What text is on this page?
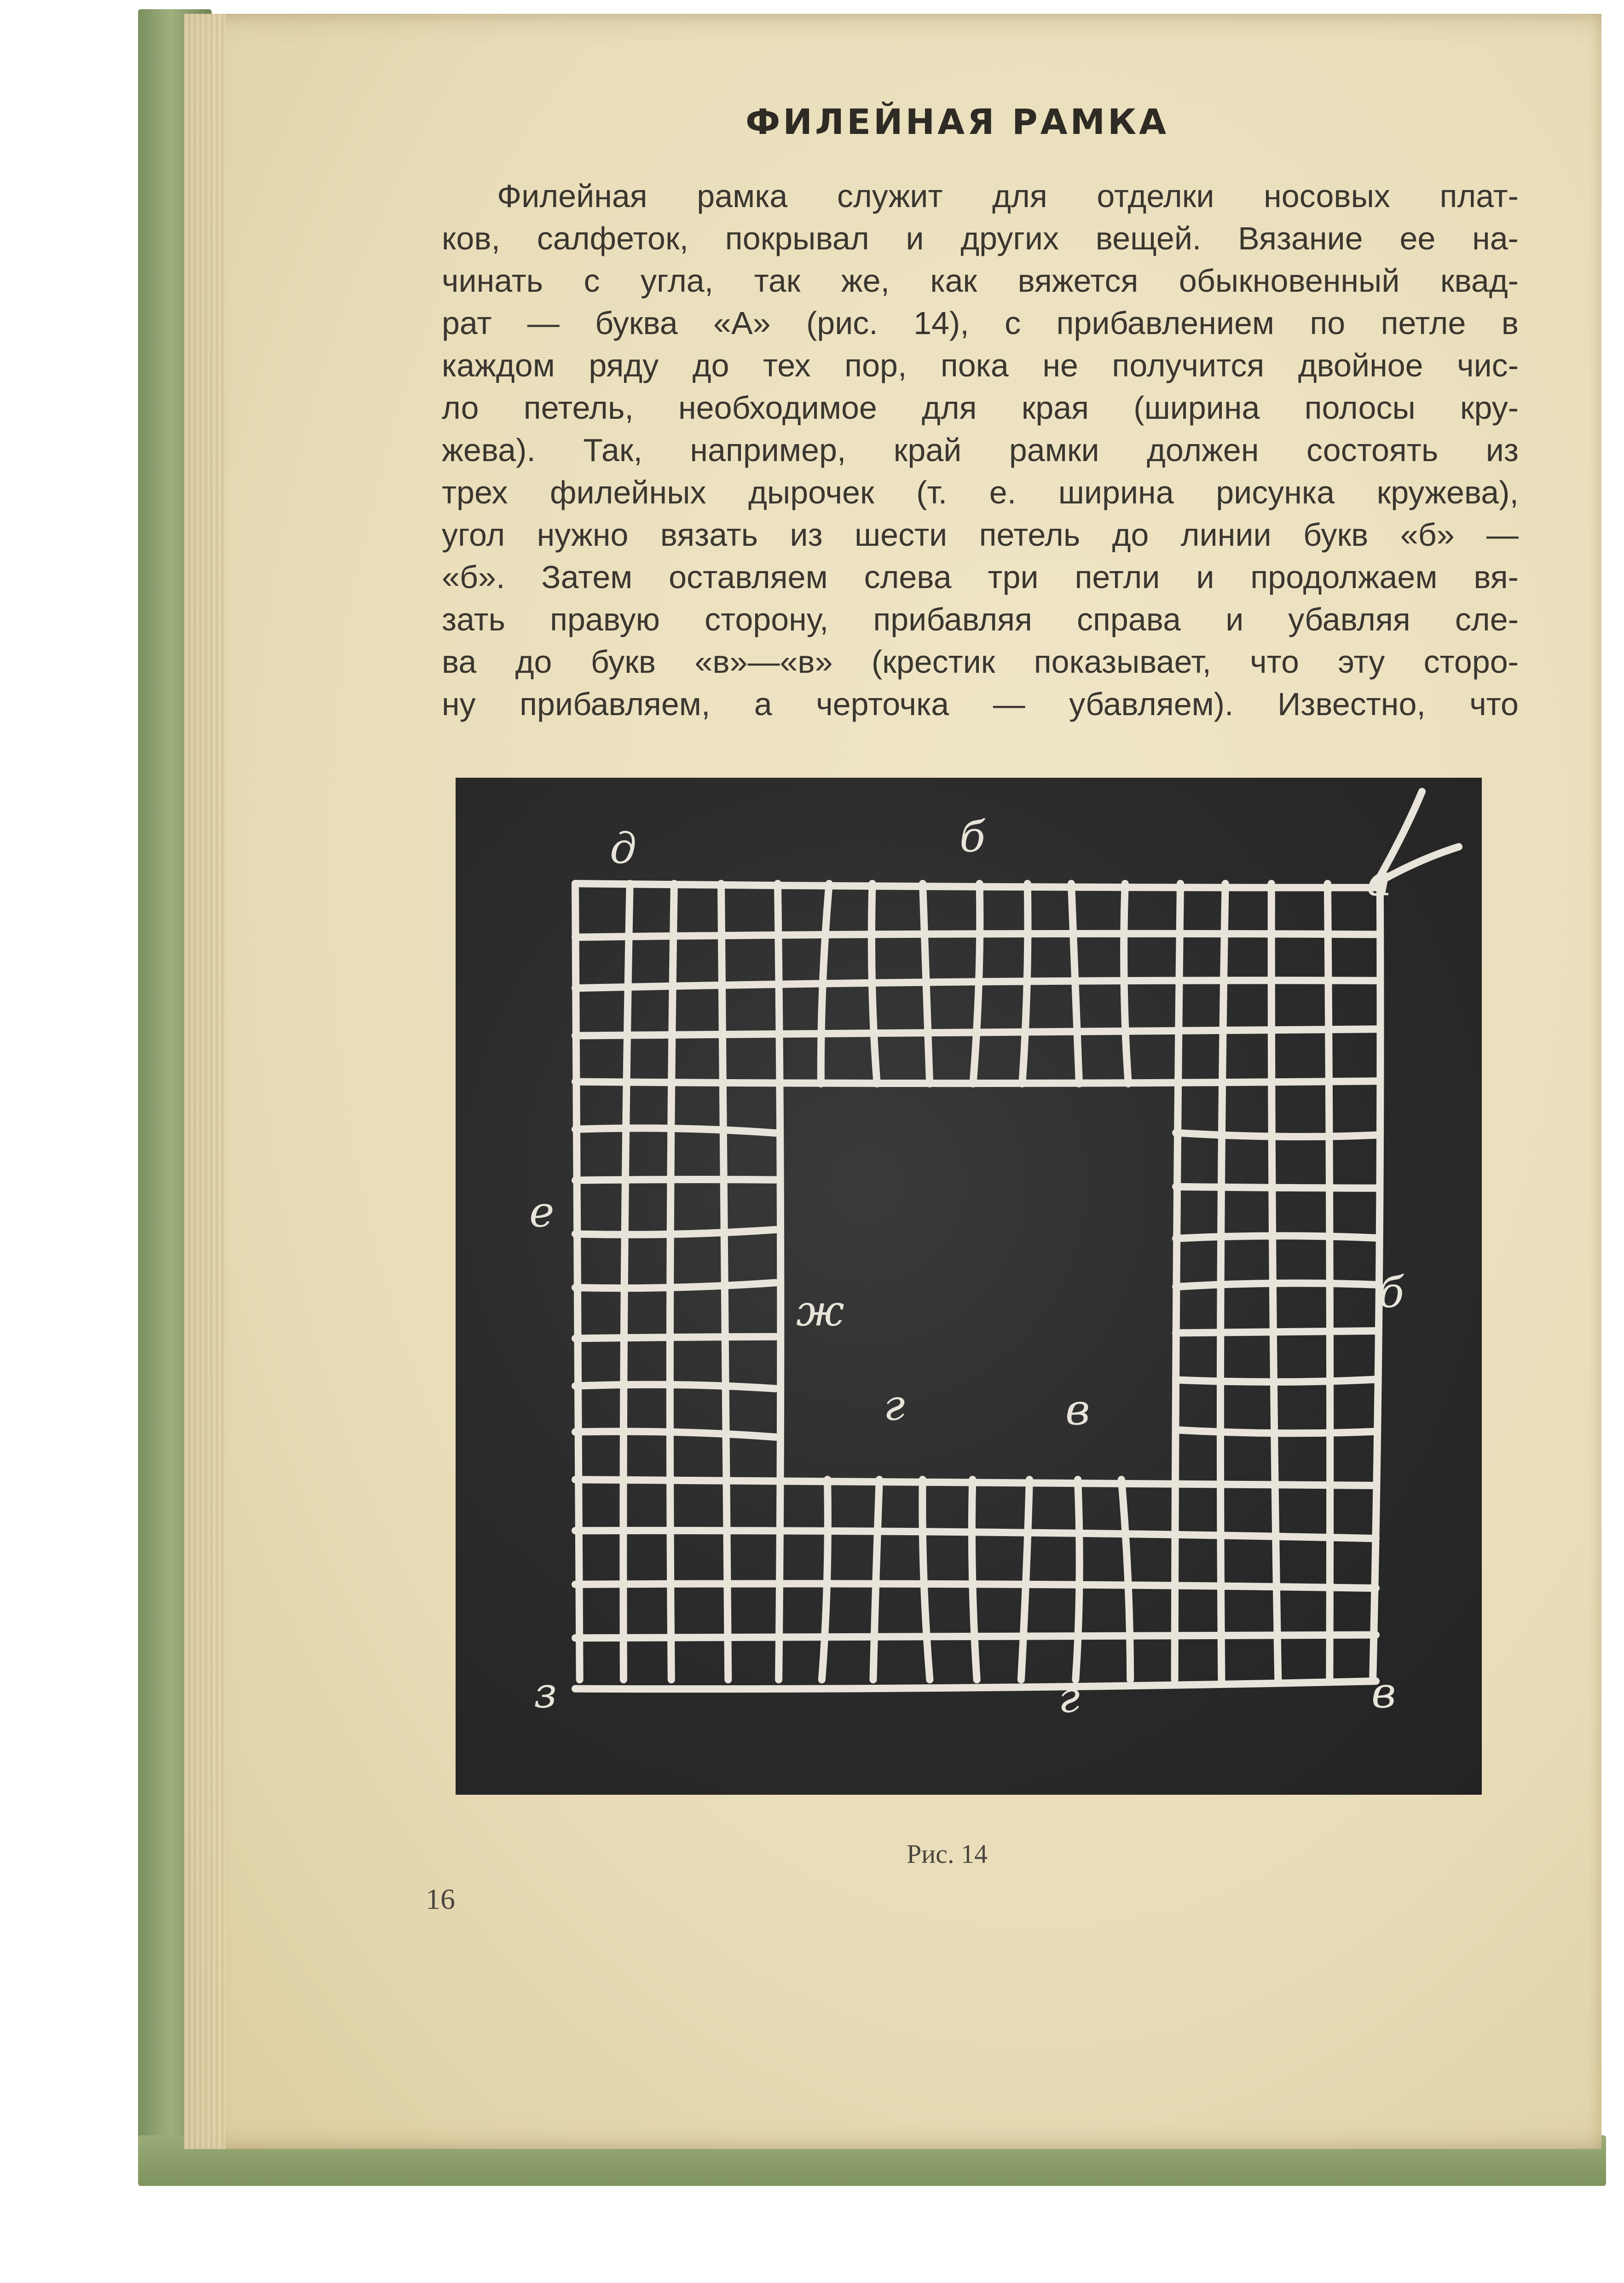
ФИЛЕЙНАЯ РАМКА
Филейная рамка служит для отделки носовых плат-
ков, салфеток, покрывал и других вещей. Вязание ее на-
чинать с угла, так же, как вяжется обыкновенный квад-
рат — буква «А» (рис. 14), с прибавлением по петле в
каждом ряду до тех пор, пока не получится двойное чис-
ло петель, необходимое для края (ширина полосы кру-
жева). Так, например, край рамки должен состоять из
трех филейных дырочек (т. е. ширина рисунка кружева),
угол нужно вязать из шести петель до линии букв «б» —
«б». Затем оставляем слева три петли и продолжаем вя-
зать правую сторону, прибавляя справа и убавляя сле-
ва до букв «в»—«в» (крестик показывает, что эту сторо-
ну прибавляем, а черточка — убавляем). Известно, что
д	б
а
е
ж	б
г	в
з	г	в
Рис. 14
16
